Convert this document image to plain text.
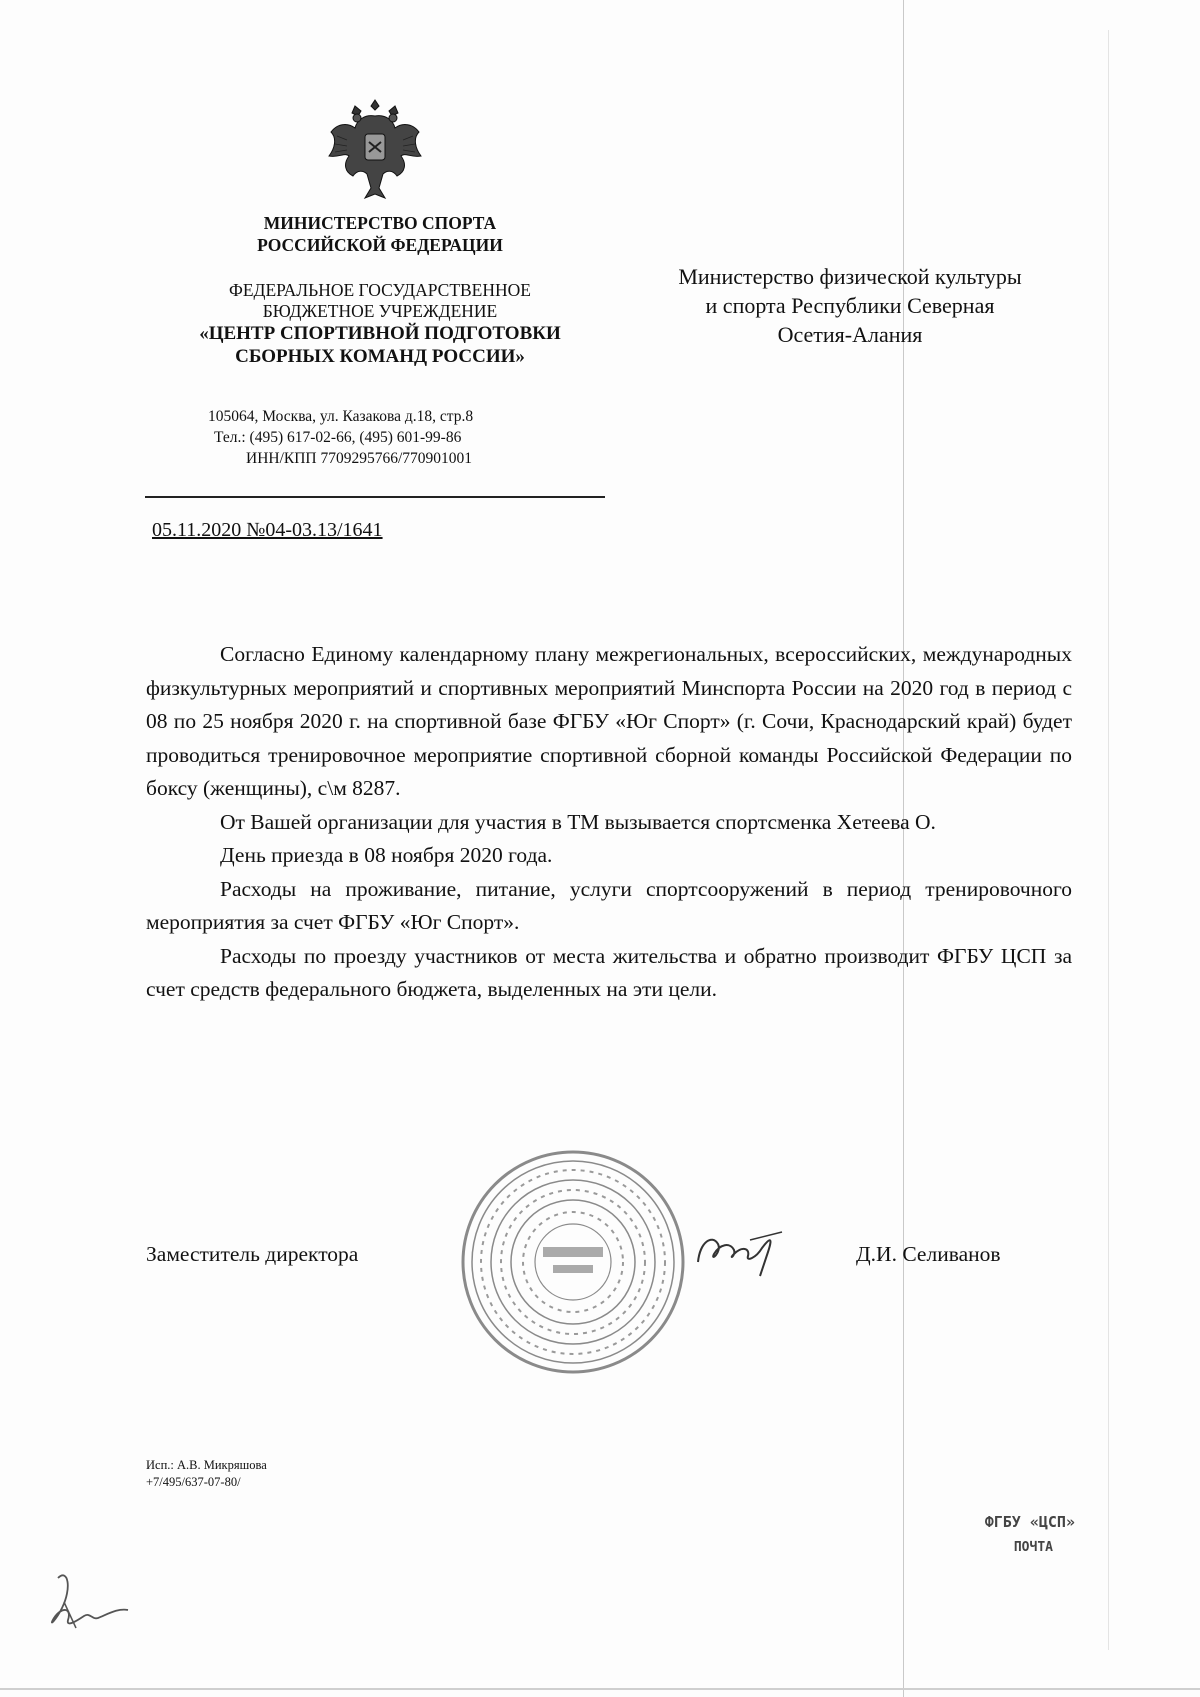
МИНИСТЕРСТВО СПОРТА
РОССИЙСКОЙ ФЕДЕРАЦИИ
ФЕДЕРАЛЬНОЕ ГОСУДАРСТВЕННОЕ
БЮДЖЕТНОЕ УЧРЕЖДЕНИЕ
«ЦЕНТР СПОРТИВНОЙ ПОДГОТОВКИ
СБОРНЫХ КОМАНД РОССИИ»
105064, Москва, ул. Казакова д.18, стр.8
Тел.: (495) 617-02-66, (495) 601-99-86
ИНН/КПП 7709295766/770901001
05.11.2020 №04-03.13/1641
Министерство физической культуры
и спорта Республики Северная
Осетия-Алания

Согласно Единому календарному плану межрегиональных, всероссийских, международных физкультурных мероприятий и спортивных мероприятий Минспорта России на 2020 год в период с 08 по 25 ноября 2020 г. на спортивной базе ФГБУ «Юг Спорт» (г. Сочи, Краснодарский край) будет проводиться тренировочное мероприятие спортивной сборной команды Российской Федерации по боксу (женщины), с\м 8287.

От Вашей организации для участия в ТМ вызывается спортсменка Хетеева О.

День приезда в 08 ноября 2020 года.

Расходы на проживание, питание, услуги спортсооружений в период тренировочного мероприятия за счет ФГБУ «Юг Спорт».

Расходы по проезду участников от места жительства и обратно производит ФГБУ ЦСП за счет средств федерального бюджета, выделенных на эти цели.

Заместитель директора	Д.И. Селиванов
Исп.: А.В. Микряшова
+7/495/637-07-80/
ФГБУ «ЦСП»
ПОЧТА
